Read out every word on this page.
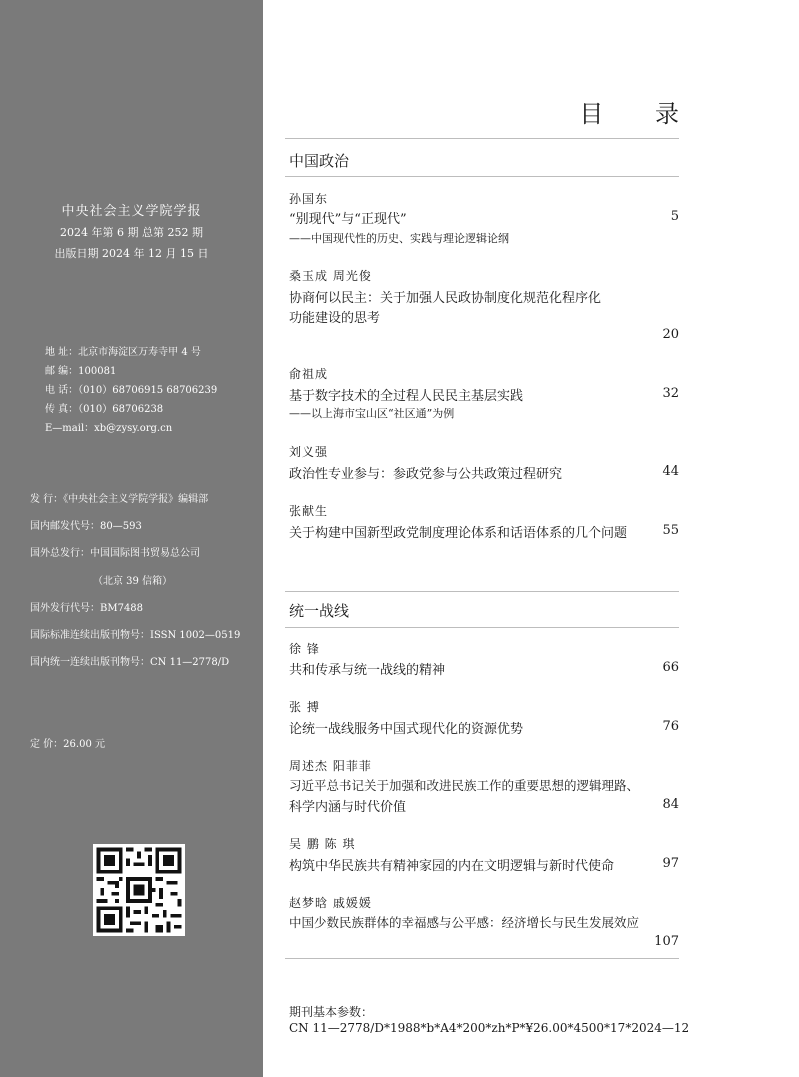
中央社会主义学院学报
2024 年第 6 期 总第 252 期
出版日期 2024 年 12 月 15 日
地 址：北京市海淀区万寿寺甲 4 号
邮 编：100081
电 话：（010）68706915 68706239
传 真：（010）68706238
E—mail：xb@zysy.org.cn
发 行：《中央社会主义学院学报》编辑部
国内邮发代号：80—593
国外总发行：中国国际图书贸易总公司
（北京 39 信箱）
国外发行代号：BM7488
国际标准连续出版刊物号：ISSN 1002—0519
国内统一连续出版刊物号：CN 11—2778/D
定 价：26.00 元
目 录
中国政治
孙国东
“别现代”与“正现代”	5
——中国现代性的历史、实践与理论逻辑论纲
桑玉成 周光俊
协商何以民主：关于加强人民政协制度化规范化程序化
功能建设的思考
20
俞祖成
基于数字技术的全过程人民民主基层实践	32
——以上海市宝山区“社区通”为例
刘义强
政治性专业参与：参政党参与公共政策过程研究	44
张献生
关于构建中国新型政党制度理论体系和话语体系的几个问题	55
统一战线
徐 锋
共和传承与统一战线的精神	66
张 搏
论统一战线服务中国式现代化的资源优势	76
周述杰 阳菲菲
习近平总书记关于加强和改进民族工作的重要思想的逻辑理路、
科学内涵与时代价值	84
吴 鹏 陈 琪
构筑中华民族共有精神家园的内在文明逻辑与新时代使命	97
赵梦晗 戚媛媛
中国少数民族群体的幸福感与公平感：经济增长与民生发展效应
107
期刊基本参数：
CN 11—2778/D*1988*b*A4*200*zh*P*¥26.00*4500*17*2024—12
